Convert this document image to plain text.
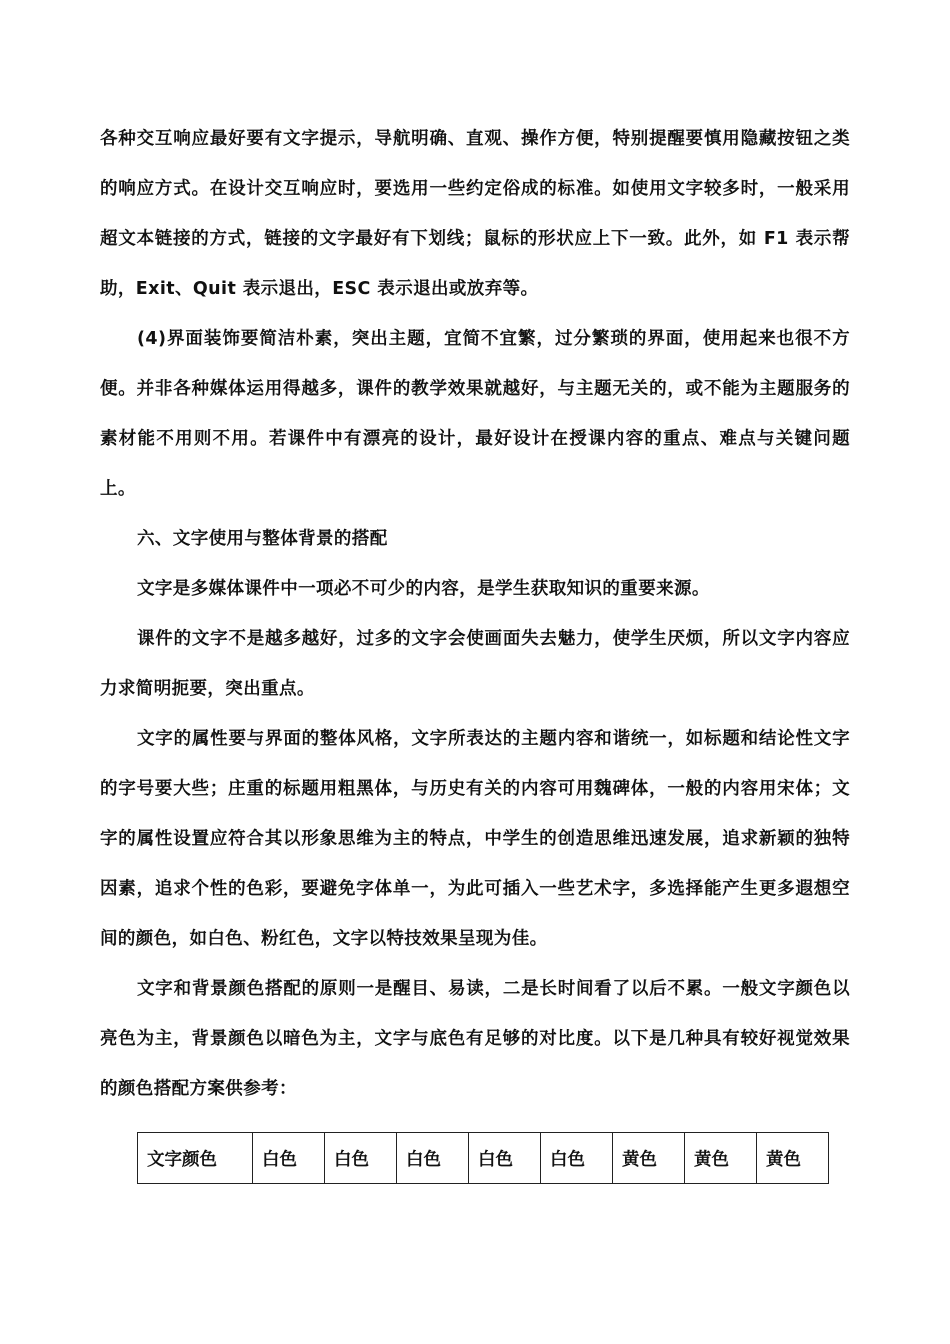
各种交互响应最好要有文字提示，导航明确、直观、操作方便，特别提醒要慎用隐藏按钮之类的响应方式。在设计交互响应时，要选用一些约定俗成的标准。如使用文字较多时，一般采用超文本链接的方式，链接的文字最好有下划线；鼠标的形状应上下一致。此外，如 F1 表示帮助，Exit、Quit 表示退出，ESC 表示退出或放弃等。

(4)界面装饰要简洁朴素，突出主题，宜简不宜繁，过分繁琐的界面，使用起来也很不方便。并非各种媒体运用得越多，课件的教学效果就越好，与主题无关的，或不能为主题服务的素材能不用则不用。若课件中有漂亮的设计，最好设计在授课内容的重点、难点与关键问题上。

六、文字使用与整体背景的搭配

文字是多媒体课件中一项必不可少的内容，是学生获取知识的重要来源。

课件的文字不是越多越好，过多的文字会使画面失去魅力，使学生厌烦，所以文字内容应力求简明扼要，突出重点。

文字的属性要与界面的整体风格，文字所表达的主题内容和谐统一，如标题和结论性文字的字号要大些；庄重的标题用粗黑体，与历史有关的内容可用魏碑体，一般的内容用宋体；文字的属性设置应符合其以形象思维为主的特点，中学生的创造思维迅速发展，追求新颖的独特因素，追求个性的色彩，要避免字体单一，为此可插入一些艺术字，多选择能产生更多遐想空间的颜色，如白色、粉红色，文字以特技效果呈现为佳。

文字和背景颜色搭配的原则一是醒目、易读，二是长时间看了以后不累。一般文字颜色以亮色为主，背景颜色以暗色为主，文字与底色有足够的对比度。以下是几种具有较好视觉效果的颜色搭配方案供参考：

文字颜色	白色	白色	白色	白色	白色	黄色	黄色	黄色
